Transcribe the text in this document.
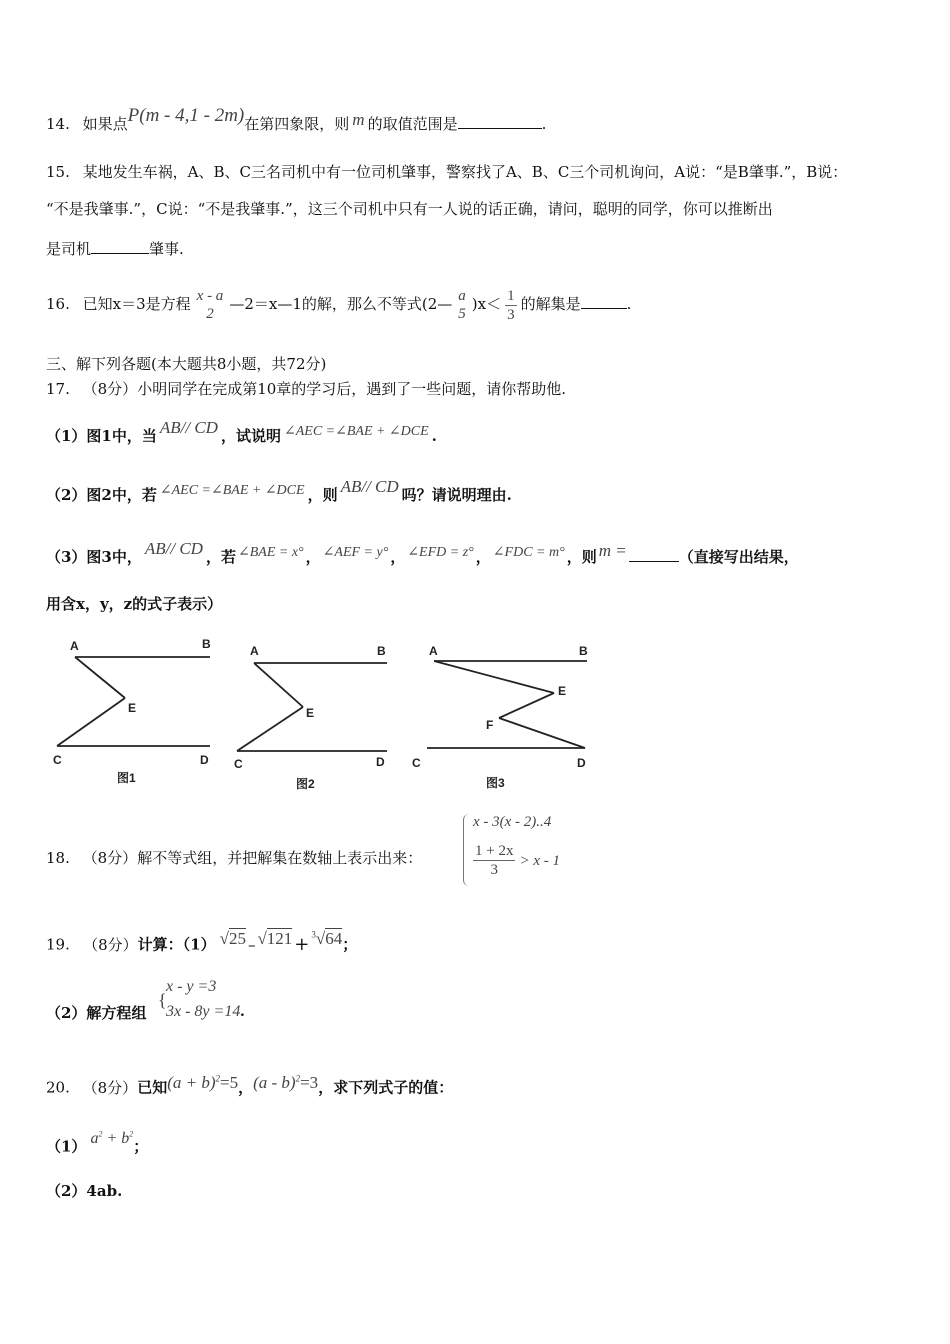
14. 如果点P(m - 4,1 - 2m)在第四象限，则 m 的取值范围是	.
15. 某地发生车祸，A、B、C三名司机中有一位司机肇事，警察找了A、B、C三个司机询问，A说：“是B肇事.”，B说：
“不是我肇事.”，C说：“不是我肇事.”，这三个司机中只有一人说的话正确，请问，聪明的同学，你可以推断出
是司机	肇事.
16. 已知x＝3是方程 x - a
2
—2＝x—1的解，那么不等式(2— a
5
)$x< \frac{1}{3}$ 的解集是	.
三、解下列各题(本大题共8小题，共72分)
17. （8分）小明同学在完成第10章的学习后，遇到了一些问题，请你帮助他.
（1）图1中，当 AB// CD ，试说明 ∠AEC =∠BAE + ∠DCE .
（2）图2中，若 ∠AEC =∠BAE + ∠DCE ，则 AB// CD 吗？请说明理由.
（3）图3中， AB// CD ，若 ∠BAE = x° ， ∠AEF = y° ， ∠EFD = z° ， ∠FDC = m° ，则 m =	（直接写出结果，
用含x，y，z的式子表示）
A	B
E
C	D
图1
A	B
E
C	D
图2
A	B
E
F
C	D
图3
18. （8分）解不等式组，并把解集在数轴上表示出来：
x - 3(x - 2)..4
$\frac{1 + 2x}{3} > x - 1$
19. （8分）计算：（1） √25 – √121 + $^3$√64；
（2）解方程组
{
x - y =3
3x - 8y =14.
20. （8分）已知$(a + b)^2=5$，(a - b)$^2$=3，求下列式子的值：
（1） $a^2 + b^2$；
（2）4ab.
